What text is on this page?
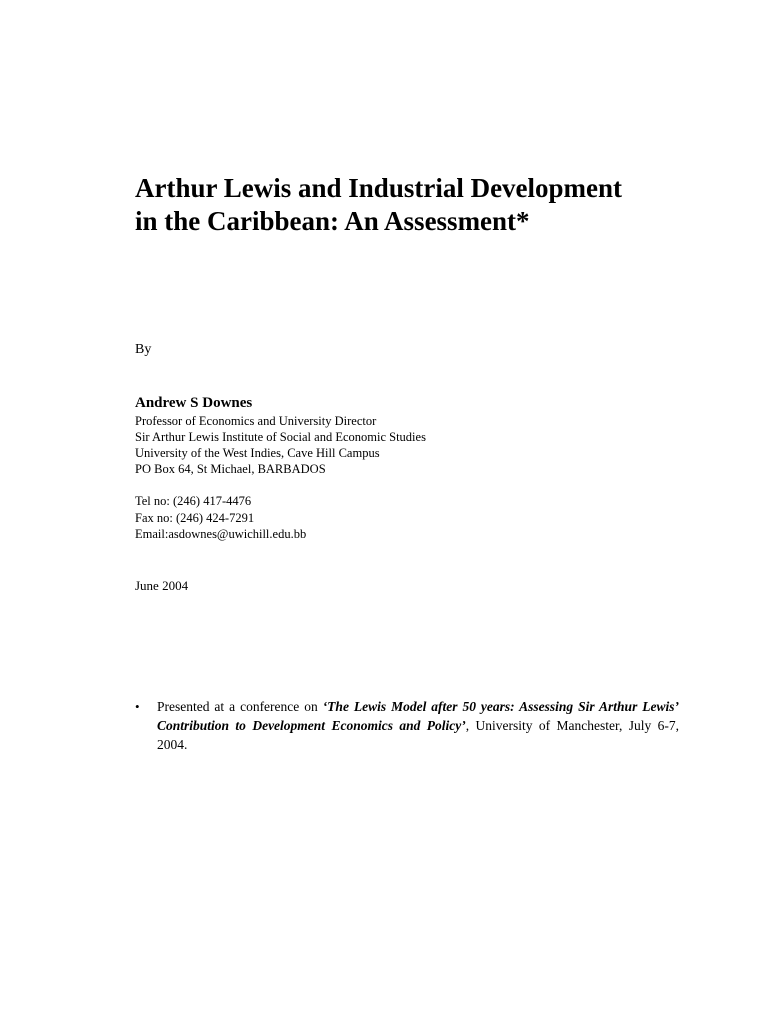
Arthur Lewis and Industrial Development
in the Caribbean: An Assessment*
By
Andrew S Downes
Professor of Economics and University Director
Sir Arthur Lewis Institute of Social and Economic Studies
University of the West Indies, Cave Hill Campus
PO Box 64, St Michael, BARBADOS
Tel no: (246) 417-4476
Fax no: (246) 424-7291
Email:asdownes@uwichill.edu.bb
June 2004
•	Presented at a conference on ‘The Lewis Model after 50 years: Assessing Sir Arthur Lewis’ Contribution to Development Economics and Policy’, University of Manchester, July 6-7, 2004.
